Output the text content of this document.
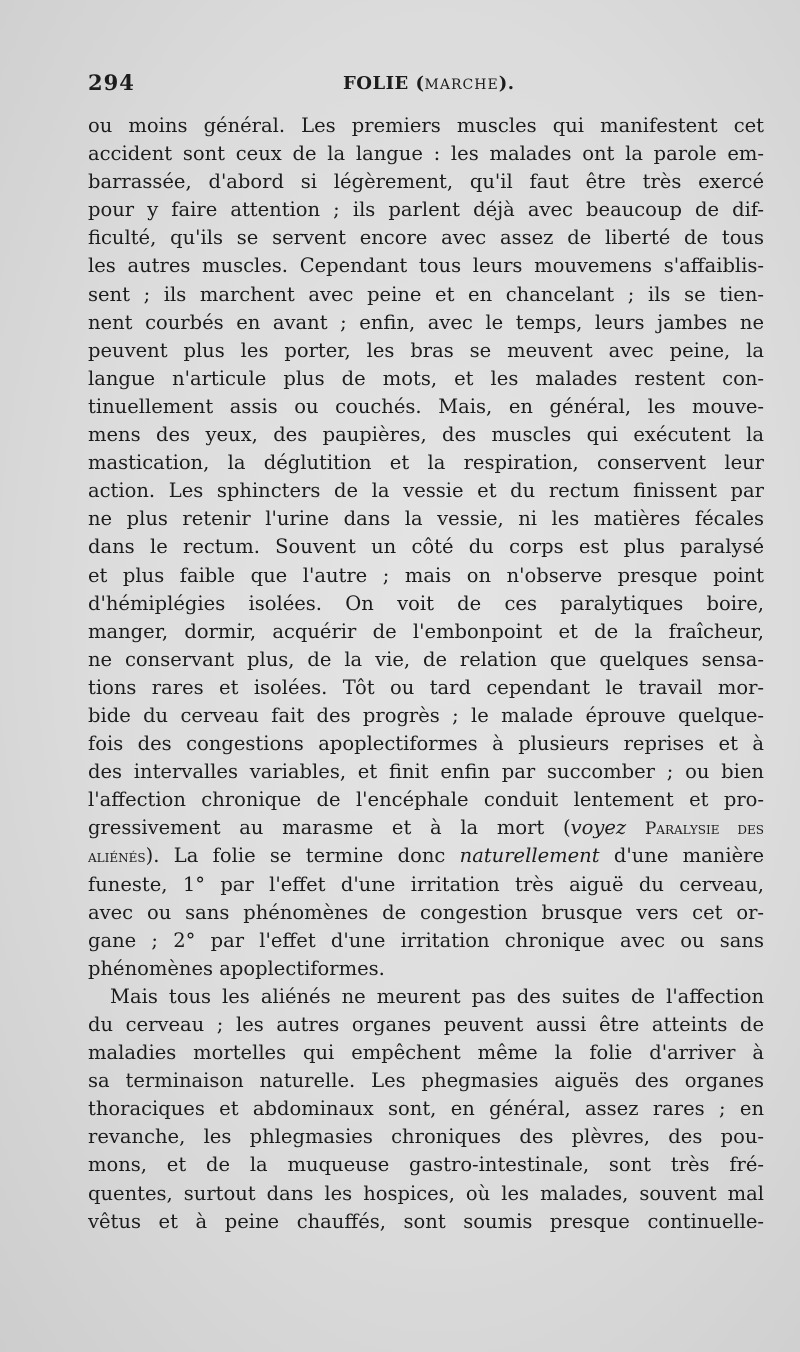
294	FOLIE (MARCHE).
ou moins général. Les premiers muscles qui manifestent cet
accident sont ceux de la langue : les malades ont la parole em-
barrassée, d'abord si légèrement, qu'il faut être très exercé
pour y faire attention ; ils parlent déjà avec beaucoup de dif-
ficulté, qu'ils se servent encore avec assez de liberté de tous
les autres muscles. Cependant tous leurs mouvemens s'affaiblis-
sent ; ils marchent avec peine et en chancelant ; ils se tien-
nent courbés en avant ; enfin, avec le temps, leurs jambes ne
peuvent plus les porter, les bras se meuvent avec peine, la
langue n'articule plus de mots, et les malades restent con-
tinuellement assis ou couchés. Mais, en général, les mouve-
mens des yeux, des paupières, des muscles qui exécutent la
mastication, la déglutition et la respiration, conservent leur
action. Les sphincters de la vessie et du rectum finissent par
ne plus retenir l'urine dans la vessie, ni les matières fécales
dans le rectum. Souvent un côté du corps est plus paralysé
et plus faible que l'autre ; mais on n'observe presque point
d'hémiplégies isolées. On voit de ces paralytiques boire,
manger, dormir, acquérir de l'embonpoint et de la fraîcheur,
ne conservant plus, de la vie, de relation que quelques sensa-
tions rares et isolées. Tôt ou tard cependant le travail mor-
bide du cerveau fait des progrès ; le malade éprouve quelque-
fois des congestions apoplectiformes à plusieurs reprises et à
des intervalles variables, et finit enfin par succomber ; ou bien
l'affection chronique de l'encéphale conduit lentement et pro-
gressivement au marasme et à la mort (voyez Paralysie des
aliénés). La folie se termine donc naturellement d'une manière
funeste, 1° par l'effet d'une irritation très aiguë du cerveau,
avec ou sans phénomènes de congestion brusque vers cet or-
gane ; 2° par l'effet d'une irritation chronique avec ou sans
phénomènes apoplectiformes.
Mais tous les aliénés ne meurent pas des suites de l'affection
du cerveau ; les autres organes peuvent aussi être atteints de
maladies mortelles qui empêchent même la folie d'arriver à
sa terminaison naturelle. Les phegmasies aiguës des organes
thoraciques et abdominaux sont, en général, assez rares ; en
revanche, les phlegmasies chroniques des plèvres, des pou-
mons, et de la muqueuse gastro-intestinale, sont très fré-
quentes, surtout dans les hospices, où les malades, souvent mal
vêtus et à peine chauffés, sont soumis presque continuelle-
